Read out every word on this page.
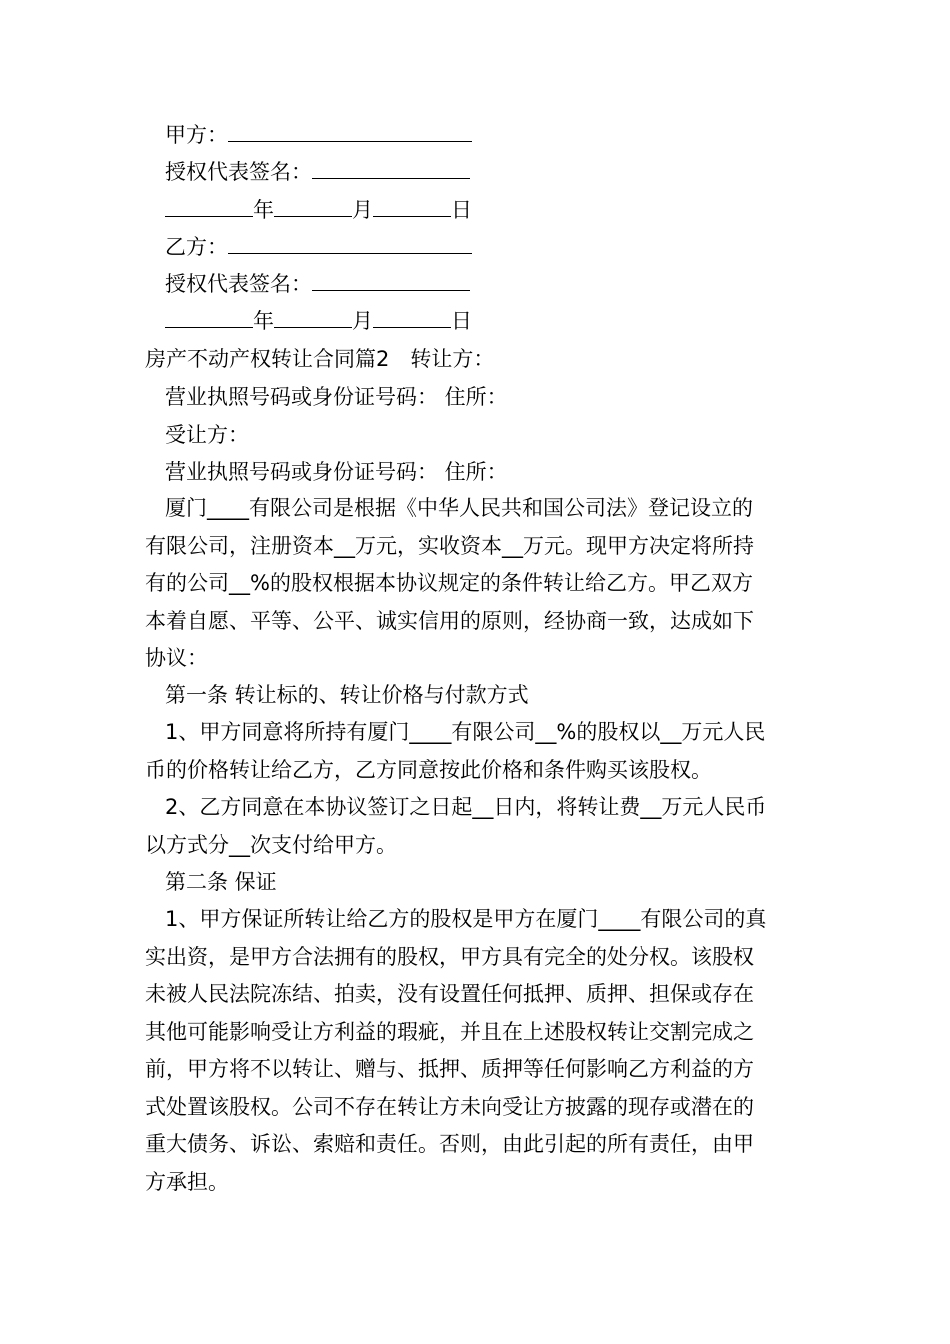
甲方：
授权代表签名：
年	月	日
乙方：
授权代表签名：
年	月	日
房产不动产权转让合同篇2　转让方：
营业执照号码或身份证号码： 住所：
受让方：
营业执照号码或身份证号码： 住所：
厦门____有限公司是根据《中华人民共和国公司法》登记设立的
有限公司，注册资本__万元，实收资本__万元。现甲方决定将所持
有的公司__%的股权根据本协议规定的条件转让给乙方。甲乙双方
本着自愿、平等、公平、诚实信用的原则，经协商一致，达成如下
协议：
第一条 转让标的、转让价格与付款方式
1、甲方同意将所持有厦门____有限公司__%的股权以__万元人民
币的价格转让给乙方，乙方同意按此价格和条件购买该股权。
2、乙方同意在本协议签订之日起__日内，将转让费__万元人民币
以方式分__次支付给甲方。
第二条 保证
1、甲方保证所转让给乙方的股权是甲方在厦门____有限公司的真
实出资，是甲方合法拥有的股权，甲方具有完全的处分权。该股权
未被人民法院冻结、拍卖，没有设置任何抵押、质押、担保或存在
其他可能影响受让方利益的瑕疵，并且在上述股权转让交割完成之
前，甲方将不以转让、赠与、抵押、质押等任何影响乙方利益的方
式处置该股权。公司不存在转让方未向受让方披露的现存或潜在的
重大债务、诉讼、索赔和责任。否则，由此引起的所有责任，由甲
方承担。
